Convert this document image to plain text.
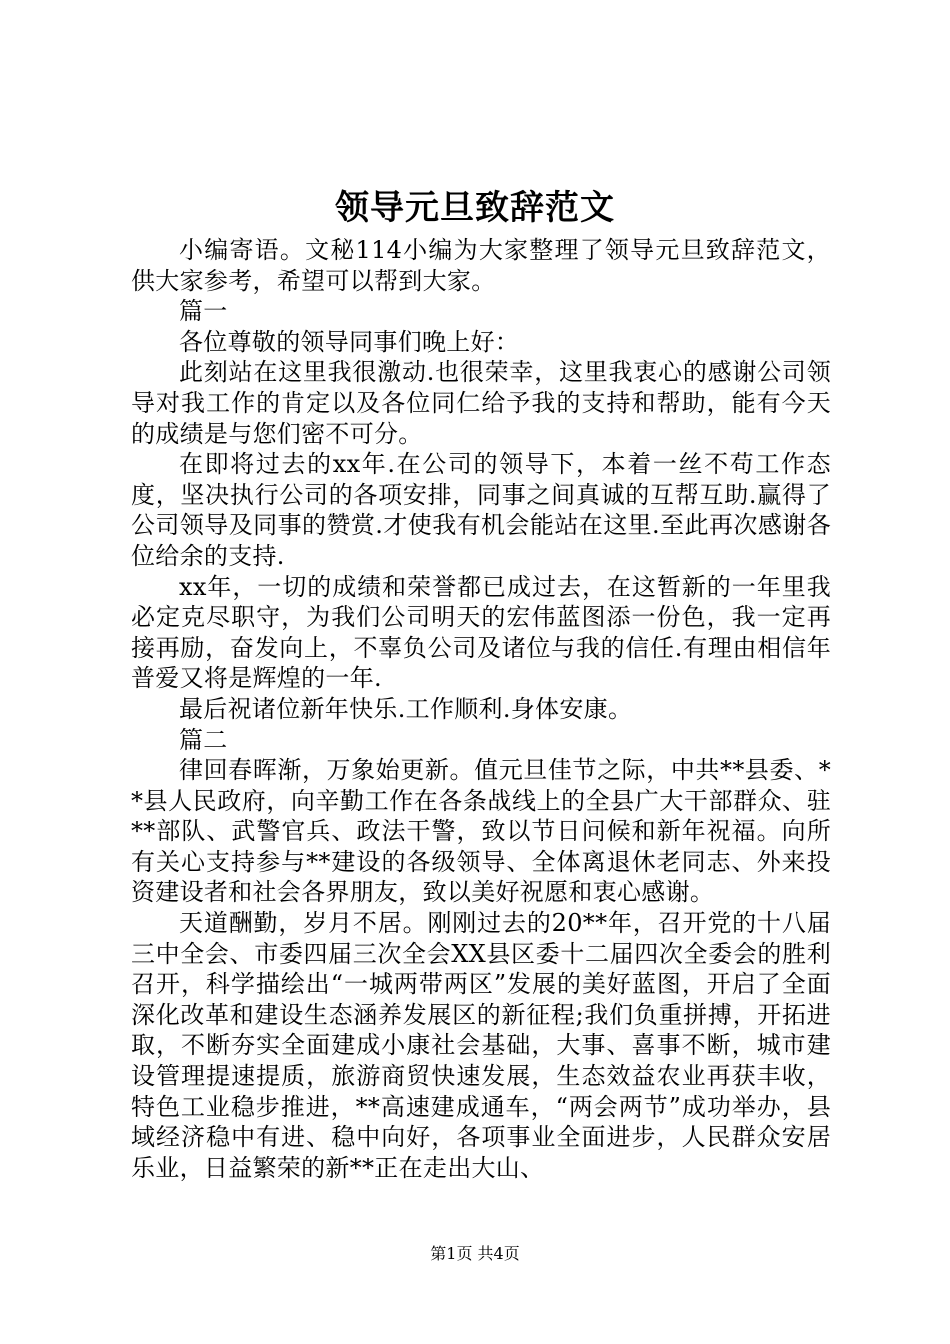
领导元旦致辞范文

小编寄语。文秘114小编为大家整理了领导元旦致辞范文，供大家参考，希望可以帮到大家。

篇一

各位尊敬的领导同事们晚上好：

此刻站在这里我很激动.也很荣幸，这里我衷心的感谢公司领导对我工作的肯定以及各位同仁给予我的支持和帮助，能有今天的成绩是与您们密不可分。

在即将过去的xx年.在公司的领导下，本着一丝不苟工作态度，坚决执行公司的各项安排，同事之间真诚的互帮互助.赢得了公司领导及同事的赞赏.才使我有机会能站在这里.至此再次感谢各位给余的支持.

xx年，一切的成绩和荣誉都已成过去，在这暂新的一年里我必定克尽职守，为我们公司明天的宏伟蓝图添一份色，我一定再接再励，奋发向上，不辜负公司及诸位与我的信任.有理由相信年普爱又将是辉煌的一年.

最后祝诸位新年快乐.工作顺利.身体安康。

篇二

律回春晖渐，万象始更新。值元旦佳节之际，中共**县委、**县人民政府，向辛勤工作在各条战线上的全县广大干部群众、驻**部队、武警官兵、政法干警，致以节日问候和新年祝福。向所有关心支持参与**建设的各级领导、全体离退休老同志、外来投资建设者和社会各界朋友，致以美好祝愿和衷心感谢。

天道酬勤，岁月不居。刚刚过去的20**年，召开党的十八届三中全会、市委四届三次全会XX县区委十二届四次全委会的胜利召开，科学描绘出“一城两带两区”发展的美好蓝图，开启了全面深化改革和建设生态涵养发展区的新征程;我们负重拼搏，开拓进取，不断夯实全面建成小康社会基础，大事、喜事不断，城市建设管理提速提质，旅游商贸快速发展，生态效益农业再获丰收，特色工业稳步推进，**高速建成通车，“两会两节”成功举办，县域经济稳中有进、稳中向好，各项事业全面进步，人民群众安居乐业，日益繁荣的新**正在走出大山、

第1页 共4页
